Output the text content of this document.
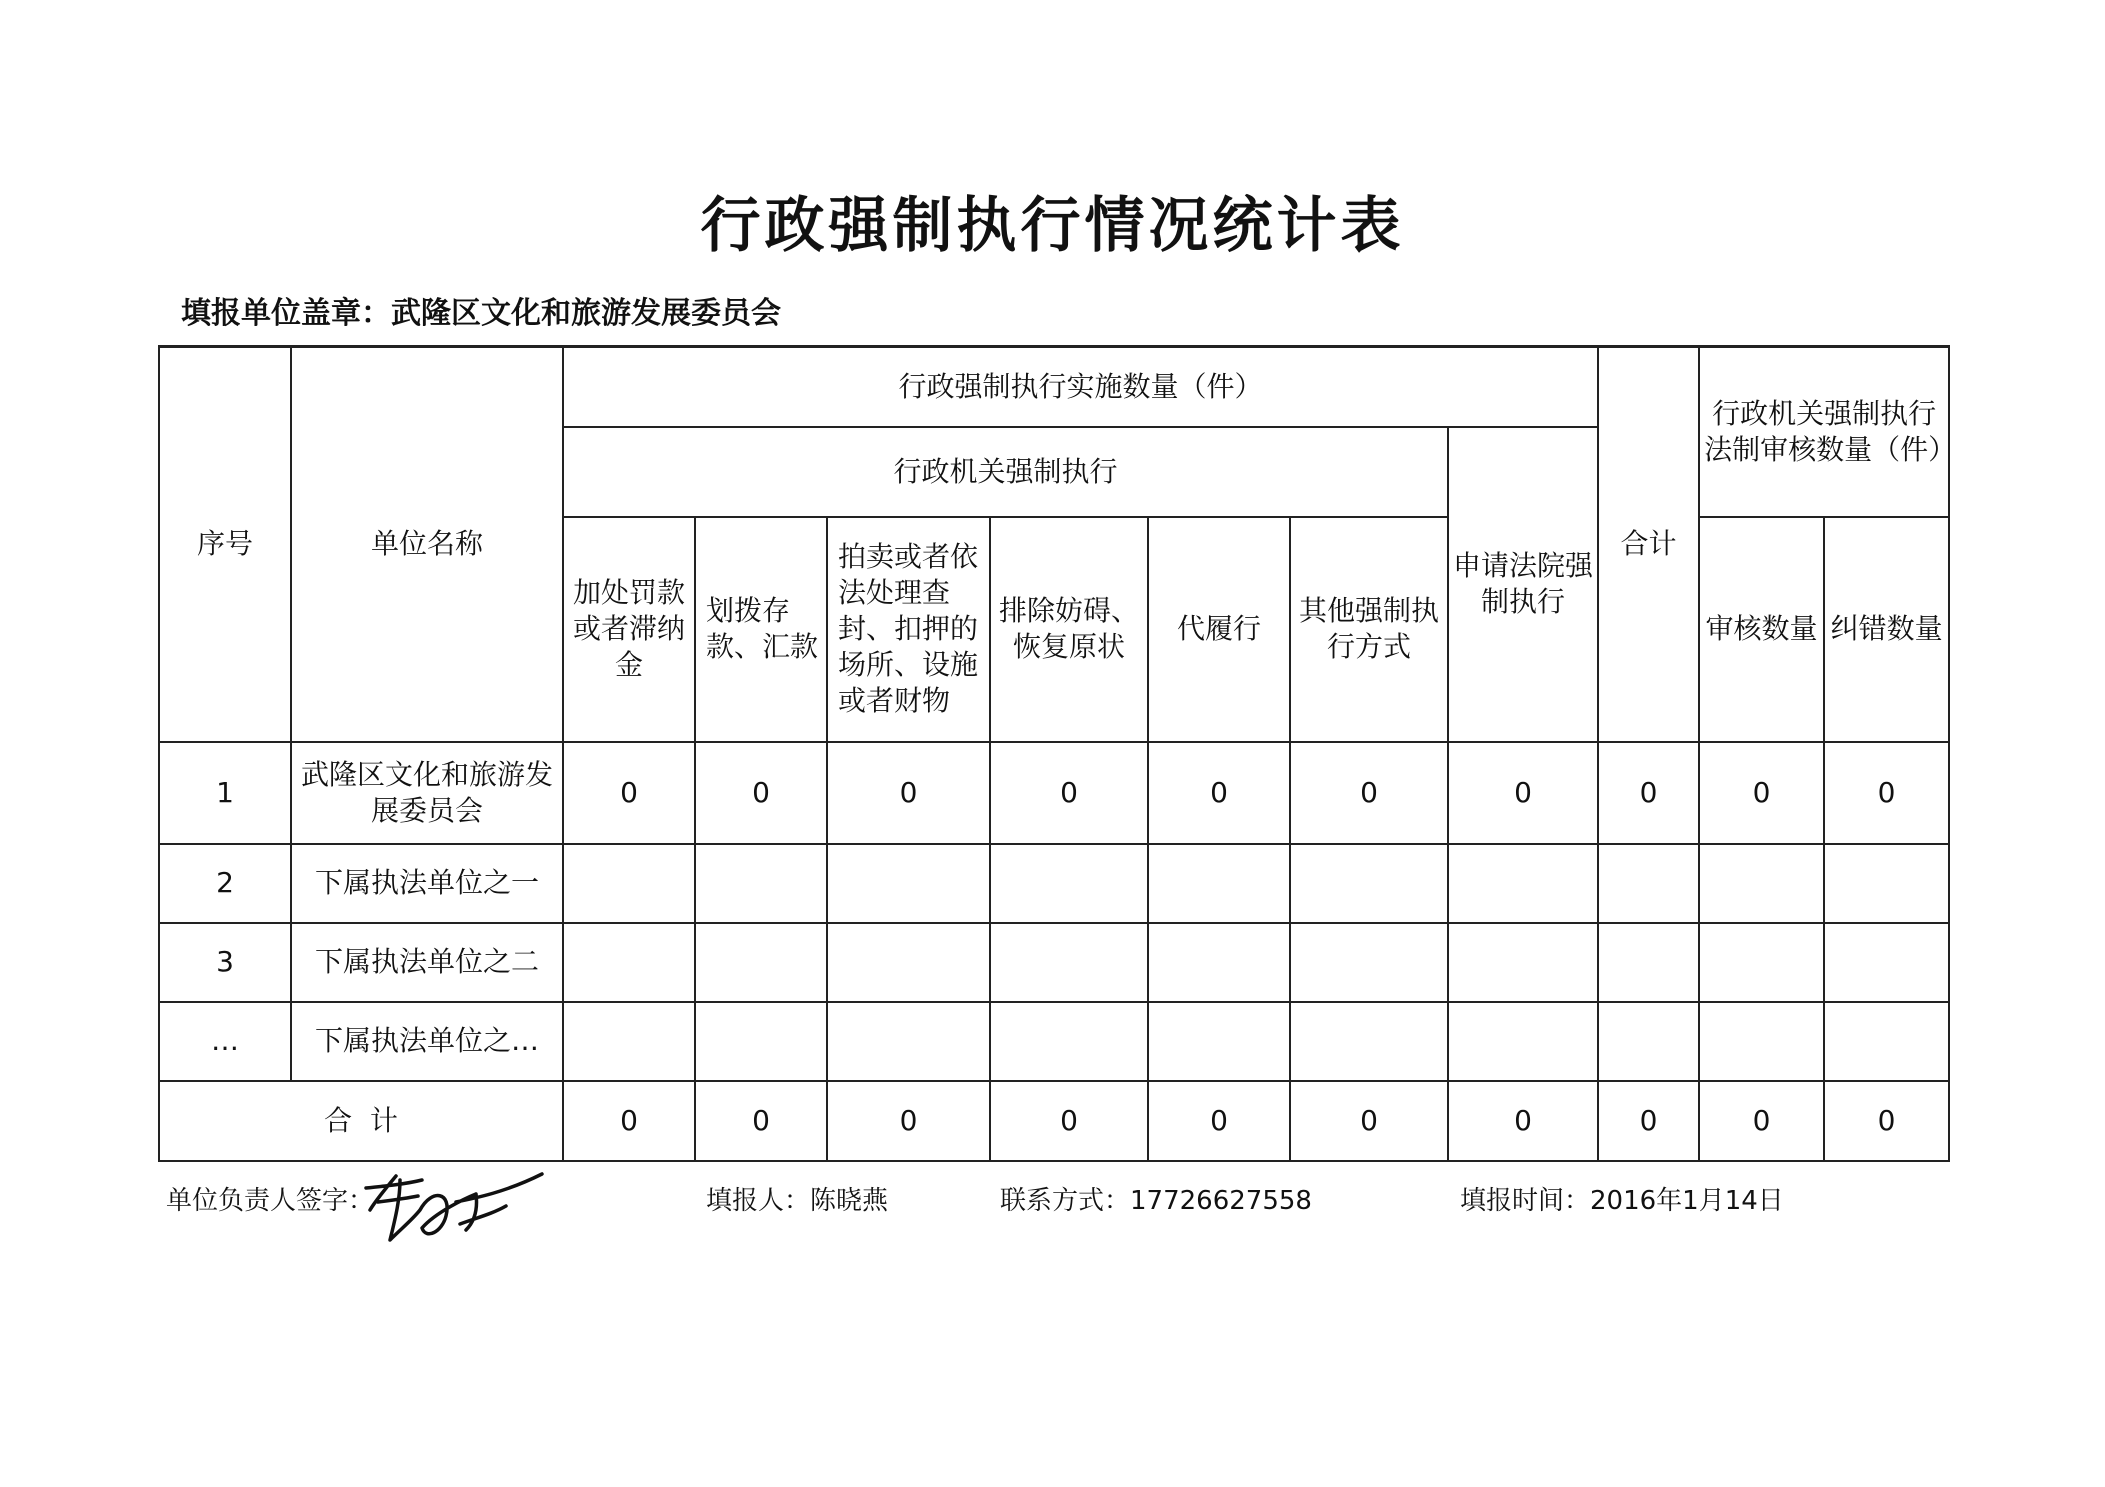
行政强制执行情况统计表
填报单位盖章：武隆区文化和旅游发展委员会
序号	单位名称	行政强制执行实施数量（件）							合计	行政机关强制执行法制审核数量（件）	
		行政机关强制执行						申请法院强制执行			
		加处罚款或者滞纳金	划拨存款、汇款	拍卖或者依法处理查封、扣押的场所、设施或者财物	排除妨碍、恢复原状	代履行	其他强制执行方式			审核数量	纠错数量
1	武隆区文化和旅游发展委员会	0	0	0	0	0	0	0	0	0	0
2	下属执法单位之一										
3	下属执法单位之二										
…	下属执法单位之…										
合  计		0	0	0	0	0	0	0	0	0	0
单位负责人签字：	填报人：陈晓燕	联系方式：17726627558	填报时间：2016年1月14日
